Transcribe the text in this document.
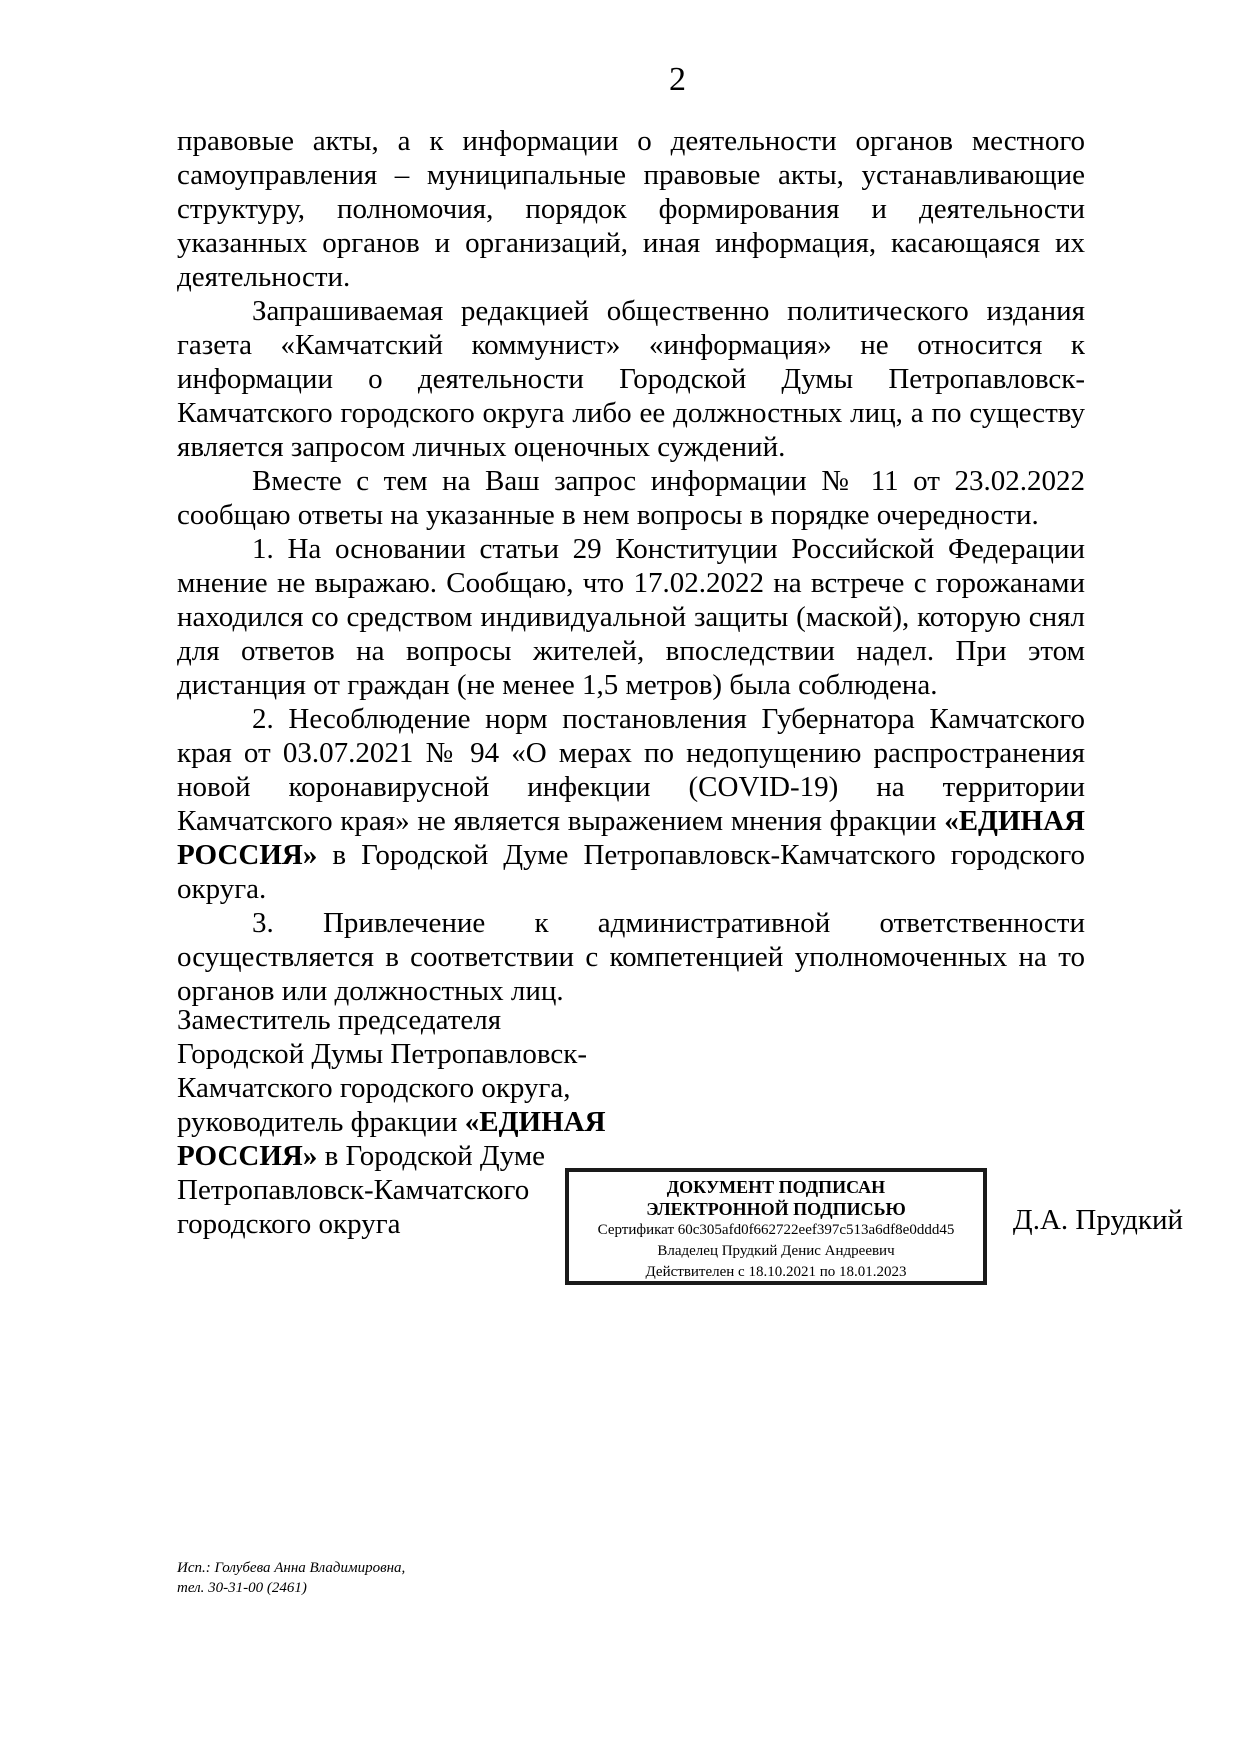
2

правовые акты, а к информации о деятельности органов местного самоуправления – муниципальные правовые акты, устанавливающие структуру, полномочия, порядок формирования и деятельности указанных органов и организаций, иная информация, касающаяся их деятельности.

Запрашиваемая редакцией общественно политического издания газета «Камчатский коммунист» «информация» не относится к информации о деятельности Городской Думы Петропавловск-Камчатского городского округа либо ее должностных лиц, а по существу является запросом личных оценочных суждений.

Вместе с тем на Ваш запрос информации № 11 от 23.02.2022 сообщаю ответы на указанные в нем вопросы в порядке очередности.

1. На основании статьи 29 Конституции Российской Федерации мнение не выражаю. Сообщаю, что 17.02.2022 на встрече с горожанами находился со средством индивидуальной защиты (маской), которую снял для ответов на вопросы жителей, впоследствии надел. При этом дистанция от граждан (не менее 1,5 метров) была соблюдена.

2. Несоблюдение норм постановления Губернатора Камчатского края от 03.07.2021 № 94 «О мерах по недопущению распространения новой коронавирусной инфекции (COVID-19) на территории Камчатского края» не является выражением мнения фракции «ЕДИНАЯ РОССИЯ» в Городской Думе Петропавловск-Камчатского городского округа.

3. Привлечение к административной ответственности осуществляется в соответствии с компетенцией уполномоченных на то органов или должностных лиц.

Заместитель председателя
Городской Думы Петропавловск-
Камчатского городского округа,
руководитель фракции «ЕДИНАЯ
РОССИЯ» в Городской Думе
Петропавловск-Камчатского
городского округа
ДОКУМЕНТ ПОДПИСАН
ЭЛЕКТРОННОЙ ПОДПИСЬЮ
Сертификат 60c305afd0f662722eef397c513a6df8e0ddd45
Владелец Прудкий Денис Андреевич
Действителен с 18.10.2021 по 18.01.2023
Д.А. Прудкий
Исп.: Голубева Анна Владимировна,
тел. 30-31-00 (2461)
